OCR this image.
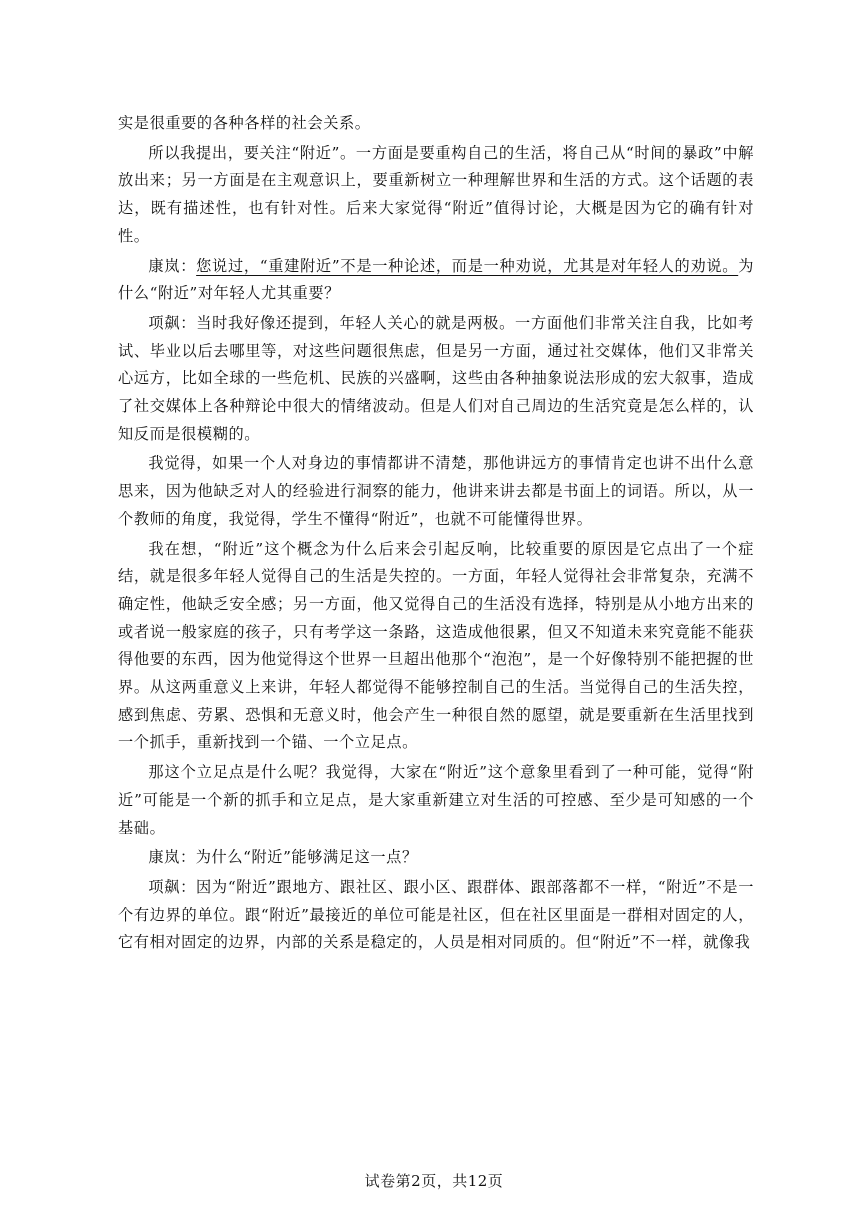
实是很重要的各种各样的社会关系。

所以我提出，要关注“附近”。一方面是要重构自己的生活，将自己从“时间的暴政”中解放出来；另一方面是在主观意识上，要重新树立一种理解世界和生活的方式。这个话题的表达，既有描述性，也有针对性。后来大家觉得“附近”值得讨论，大概是因为它的确有针对性。

康岚：您说过，“重建附近”不是一种论述，而是一种劝说，尤其是对年轻人的劝说。为什么“附近”对年轻人尤其重要？

项飙：当时我好像还提到，年轻人关心的就是两极。一方面他们非常关注自我，比如考试、毕业以后去哪里等，对这些问题很焦虑，但是另一方面，通过社交媒体，他们又非常关心远方，比如全球的一些危机、民族的兴盛啊，这些由各种抽象说法形成的宏大叙事，造成了社交媒体上各种辩论中很大的情绪波动。但是人们对自己周边的生活究竟是怎么样的，认知反而是很模糊的。

我觉得，如果一个人对身边的事情都讲不清楚，那他讲远方的事情肯定也讲不出什么意思来，因为他缺乏对人的经验进行洞察的能力，他讲来讲去都是书面上的词语。所以，从一个教师的角度，我觉得，学生不懂得“附近”，也就不可能懂得世界。

我在想，“附近”这个概念为什么后来会引起反响，比较重要的原因是它点出了一个症结，就是很多年轻人觉得自己的生活是失控的。一方面，年轻人觉得社会非常复杂，充满不确定性，他缺乏安全感；另一方面，他又觉得自己的生活没有选择，特别是从小地方出来的或者说一般家庭的孩子，只有考学这一条路，这造成他很累，但又不知道未来究竟能不能获得他要的东西，因为他觉得这个世界一旦超出他那个“泡泡”，是一个好像特别不能把握的世界。从这两重意义上来讲，年轻人都觉得不能够控制自己的生活。当觉得自己的生活失控，感到焦虑、劳累、恐惧和无意义时，他会产生一种很自然的愿望，就是要重新在生活里找到一个抓手，重新找到一个锚、一个立足点。

那这个立足点是什么呢？我觉得，大家在“附近”这个意象里看到了一种可能，觉得“附近”可能是一个新的抓手和立足点，是大家重新建立对生活的可控感、至少是可知感的一个基础。

康岚：为什么“附近”能够满足这一点？

项飙：因为“附近”跟地方、跟社区、跟小区、跟群体、跟部落都不一样，“附近”不是一个有边界的单位。跟“附近”最接近的单位可能是社区，但在社区里面是一群相对固定的人，它有相对固定的边界，内部的关系是稳定的，人员是相对同质的。但“附近”不一样，就像我

试卷第2页，共12页
